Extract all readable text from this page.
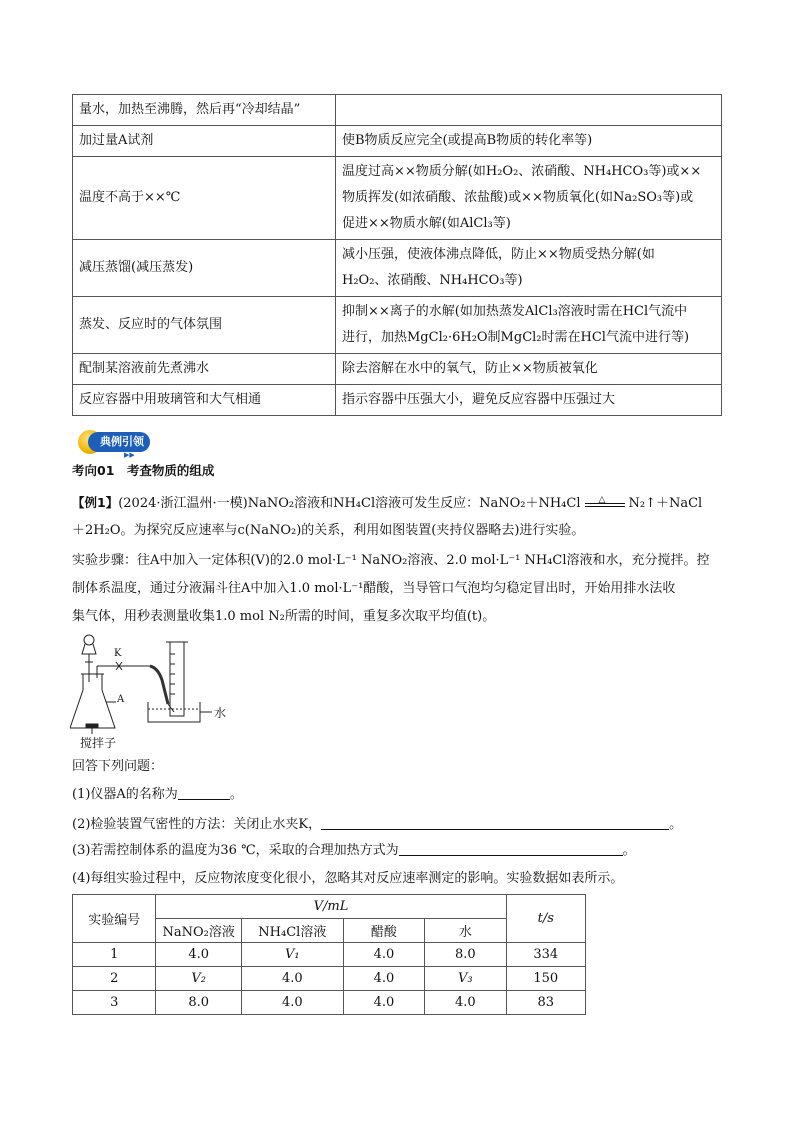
量水，加热至沸腾，然后再“冷却结晶”	
加过量A试剂	使B物质反应完全(或提高B物质的转化率等)
温度不高于××℃	温度过高××物质分解(如H₂O₂、浓硝酸、NH₄HCO₃等)或××
物质挥发(如浓硝酸、浓盐酸)或××物质氧化(如Na₂SO₃等)或
促进××物质水解(如AlCl₃等)

减压蒸馏(减压蒸发)	减小压强，使液体沸点降低，防止××物质受热分解(如
H₂O₂、浓硝酸、NH₄HCO₃等)

蒸发、反应时的气体氛围	抑制××离子的水解(如加热蒸发AlCl₃溶液时需在HCl气流中
进行，加热MgCl₂·6H₂O制MgCl₂时需在HCl气流中进行等)

配制某溶液前先煮沸水	除去溶解在水中的氧气，防止××物质被氧化
反应容器中用玻璃管和大气相通	指示容器中压强大小，避免反应容器中压强过大
典例引领
▶▶
考向01　考查物质的组成
【例1】(2024·浙江温州·一模)NaNO₂溶液和NH₄Cl溶液可发生反应：NaNO₂＋NH₄Cl △ N₂↑＋NaCl
＋2H₂O。为探究反应速率与c(NaNO₂)的关系，利用如图装置(夹持仪器略去)进行实验。
实验步骤：往A中加入一定体积(V)的2.0 mol·L⁻¹ NaNO₂溶液、2.0 mol·L⁻¹ NH₄Cl溶液和水，充分搅拌。控
制体系温度，通过分液漏斗往A中加入1.0 mol·L⁻¹醋酸，当导管口气泡均匀稳定冒出时，开始用排水法收
集气体，用秒表测量收集1.0 mol N₂所需的时间，重复多次取平均值(t)。
K
A
水
搅拌子
回答下列问题：
(1)仪器A的名称为	。
(2)检验装置气密性的方法：关闭止水夹K，	。
(3)若需控制体系的温度为36 ℃，采取的合理加热方式为	。
(4)每组实验过程中，反应物浓度变化很小，忽略其对反应速率测定的影响。实验数据如表所示。
实验编号	V/mL				t/s
	NaNO₂溶液	NH₄Cl溶液	醋酸	水	
1	4.0	V₁	4.0	8.0	334
2	V₂	4.0	4.0	V₃	150
3	8.0	4.0	4.0	4.0	83
